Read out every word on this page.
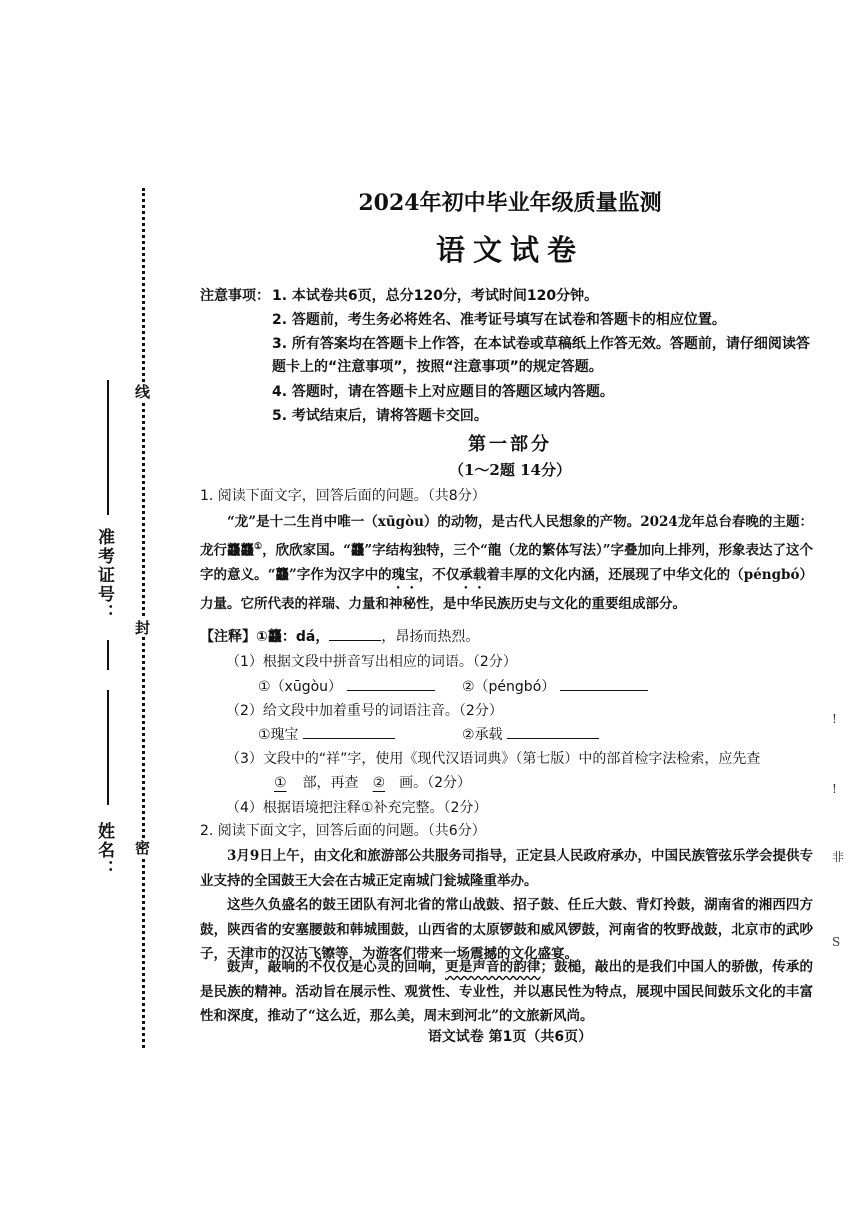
线
封
密
准考证号：
姓名：
2024年初中毕业年级质量监测
语文试卷
注意事项： 1. 本试卷共6页，总分120分，考试时间120分钟。
2. 答题前，考生务必将姓名、准考证号填写在试卷和答题卡的相应位置。
3. 所有答案均在答题卡上作答，在本试卷或草稿纸上作答无效。答题前，请仔细阅读答题卡上的“注意事项”，按照“注意事项”的规定答题。
4. 答题时，请在答题卡上对应题目的答题区域内答题。
5. 考试结束后，请将答题卡交回。
第一部分
（1～2题 14分）
1. 阅读下面文字，回答后面的问题。（共8分）
“龙”是十二生肖中唯一（xūgòu）的动物，是古代人民想象的产物。2024龙年总台春晚的主题：龙行龘龘①，欣欣家国。“龘”字结构独特，三个“龍（龙的繁体写法）”字叠加向上排列，形象表达了这个字的意义。“龘”字作为汉字中的瑰宝，不仅承载着丰厚的文化内涵，还展现了中华文化的（péngbó）力量。它所代表的祥瑞、力量和神秘性，是中华民族历史与文化的重要组成部分。
【注释】①龘：dá，	，昂扬而热烈。
（1）根据文段中拼音写出相应的词语。（2分）
①（xūgòu）	②（péngbó）
（2）给文段中加着重号的词语注音。（2分）
①瑰宝	②承载
（3）文段中的“祥”字，使用《现代汉语词典》（第七版）中的部首检字法检索，应先查
① 部，再查 ② 画。（2分）
（4）根据语境把注释①补充完整。（2分）
2. 阅读下面文字，回答后面的问题。（共6分）
3月9日上午，由文化和旅游部公共服务司指导，正定县人民政府承办，中国民族管弦乐学会提供专业支持的全国鼓王大会在古城正定南城门瓮城隆重举办。
这些久负盛名的鼓王团队有河北省的常山战鼓、招子鼓、任丘大鼓、背灯拎鼓，湖南省的湘西四方鼓，陕西省的安塞腰鼓和韩城围鼓，山西省的太原锣鼓和威风锣鼓，河南省的牧野战鼓，北京市的武吵子，天津市的汉沽飞镲等，为游客们带来一场震撼的文化盛宴。
鼓声，敲响的不仅仅是心灵的回响，更是声音的韵律；鼓槌，敲出的是我们中国人的骄傲，传承的是民族的精神。活动旨在展示性、观赏性、专业性，并以惠民性为特点，展现中国民间鼓乐文化的丰富性和深度，推动了“这么近，那么美，周末到河北”的文旅新风尚。
语文试卷 第1页（共6页）
!
!
非
S
